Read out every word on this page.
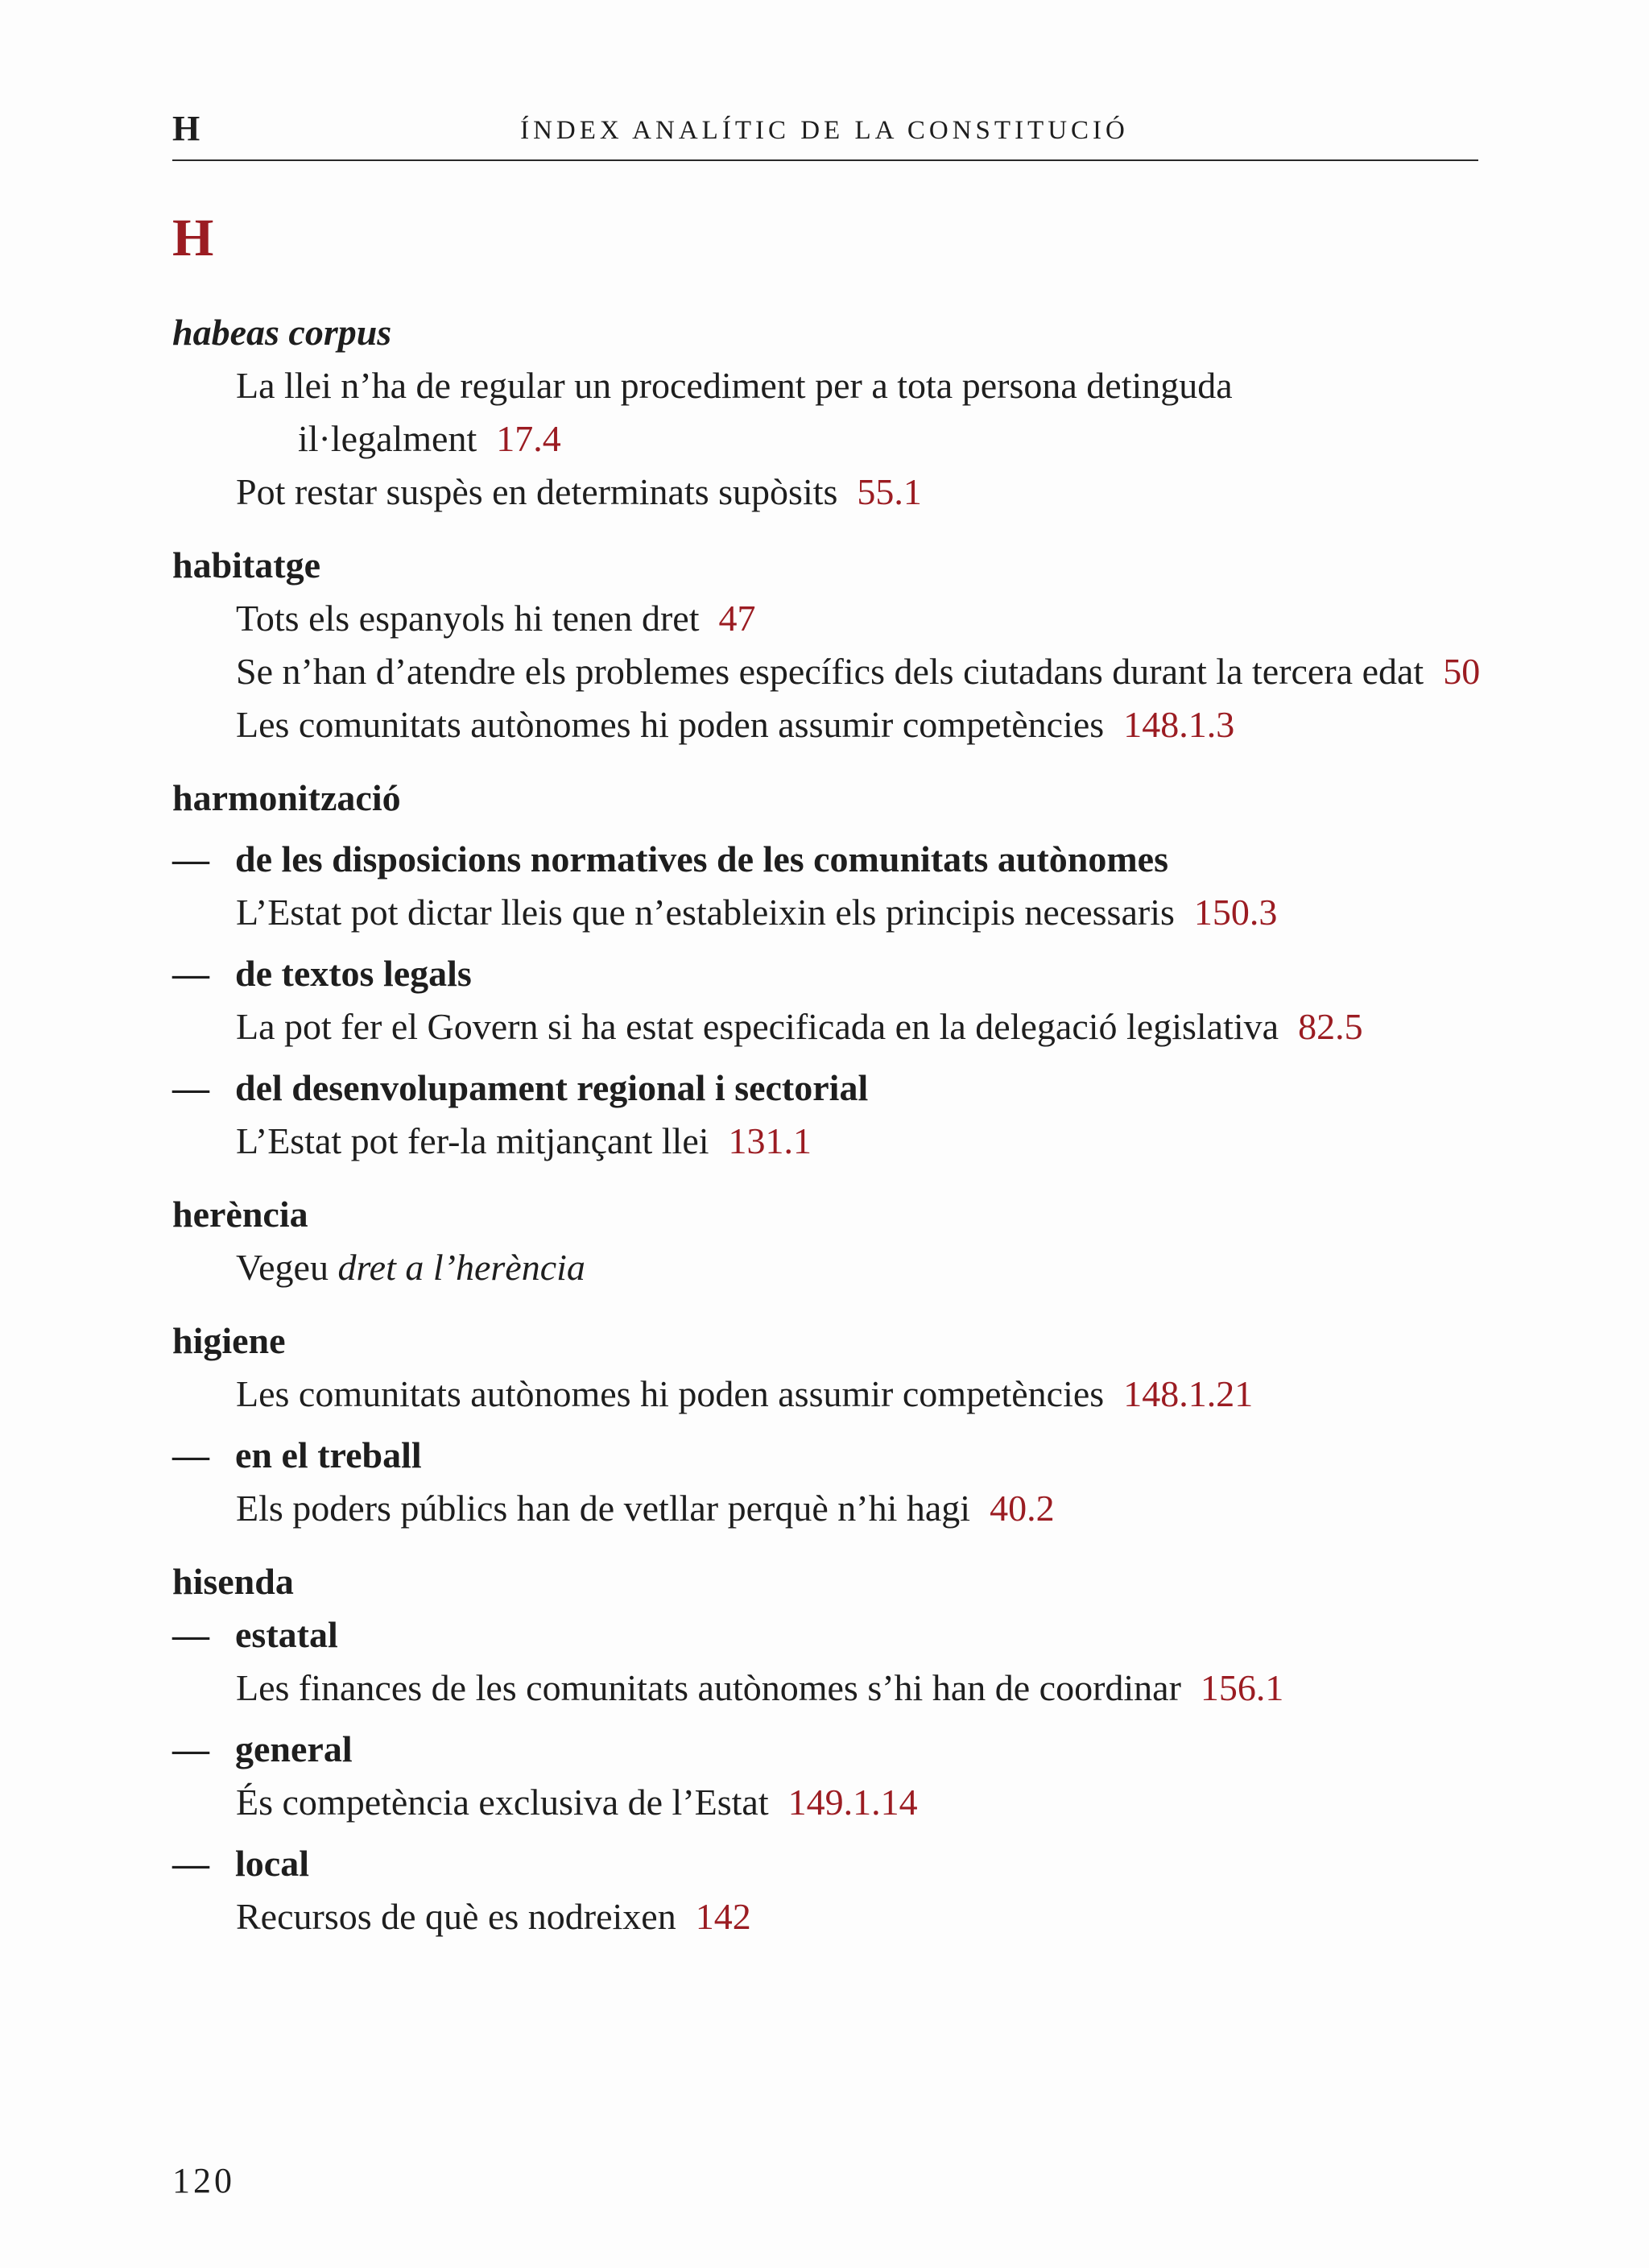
H	ÍNDEX ANALÍTIC DE LA CONSTITUCIÓ
H
habeas corpus
La llei n’ha de regular un procediment per a tota persona detinguda il·legalment 17.4
Pot restar suspès en determinats supòsits 55.1
habitatge
Tots els espanyols hi tenen dret 47
Se n’han d’atendre els problemes específics dels ciutadans durant la tercera edat 50
Les comunitats autònomes hi poden assumir competències 148.1.3
harmonització
— de les disposicions normatives de les comunitats autònomes
L’Estat pot dictar lleis que n’estableixin els principis necessaris 150.3
— de textos legals
La pot fer el Govern si ha estat especificada en la delegació legislativa 82.5
— del desenvolupament regional i sectorial
L’Estat pot fer-la mitjançant llei 131.1
herència
Vegeu dret a l’herència
higiene
Les comunitats autònomes hi poden assumir competències 148.1.21
— en el treball
Els poders públics han de vetllar perquè n’hi hagi 40.2
hisenda
— estatal
Les finances de les comunitats autònomes s’hi han de coordinar 156.1
— general
És competència exclusiva de l’Estat 149.1.14
— local
Recursos de què es nodreixen 142
120
